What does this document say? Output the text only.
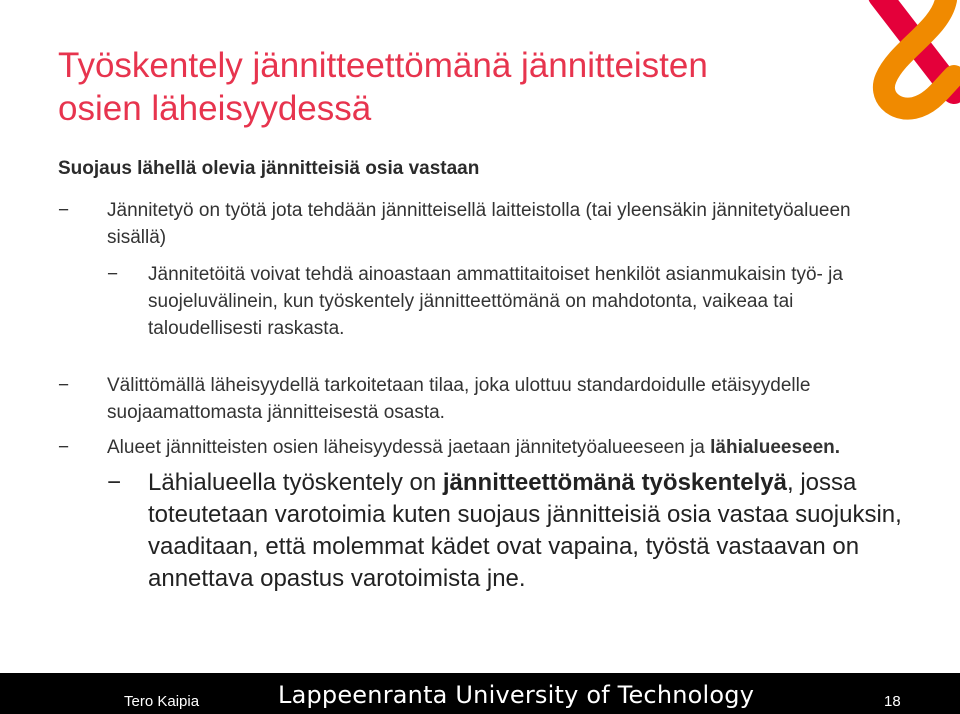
Työskentely jännitteettömänä jännitteisten
osien läheisyydessä

Suojaus lähellä olevia jännitteisiä osia vastaan

− Jännitetyö on työtä jota tehdään jännitteisellä laitteistolla (tai yleensäkin jännitetyöalueen sisällä)
− Jännitetöitä voivat tehdä ainoastaan ammattitaitoiset henkilöt asianmukaisin työ- ja suojeluvälinein, kun työskentely jännitteettömänä on mahdotonta, vaikeaa tai taloudellisesti raskasta.
− Välittömällä läheisyydellä tarkoitetaan tilaa, joka ulottuu standardoidulle etäisyydelle suojaamattomasta jännitteisestä osasta.
− Alueet jännitteisten osien läheisyydessä jaetaan jännitetyöalueeseen ja lähialueeseen.
− Lähialueella työskentely on jännitteettömänä työskentelyä, jossa toteutetaan varotoimia kuten suojaus jännitteisiä osia vastaa suojuksin, vaaditaan, että molemmat kädet ovat vapaina, työstä vastaavan on annettava opastus varotoimista jne.
Tero Kaipia	Lappeenranta University of Technology	18
